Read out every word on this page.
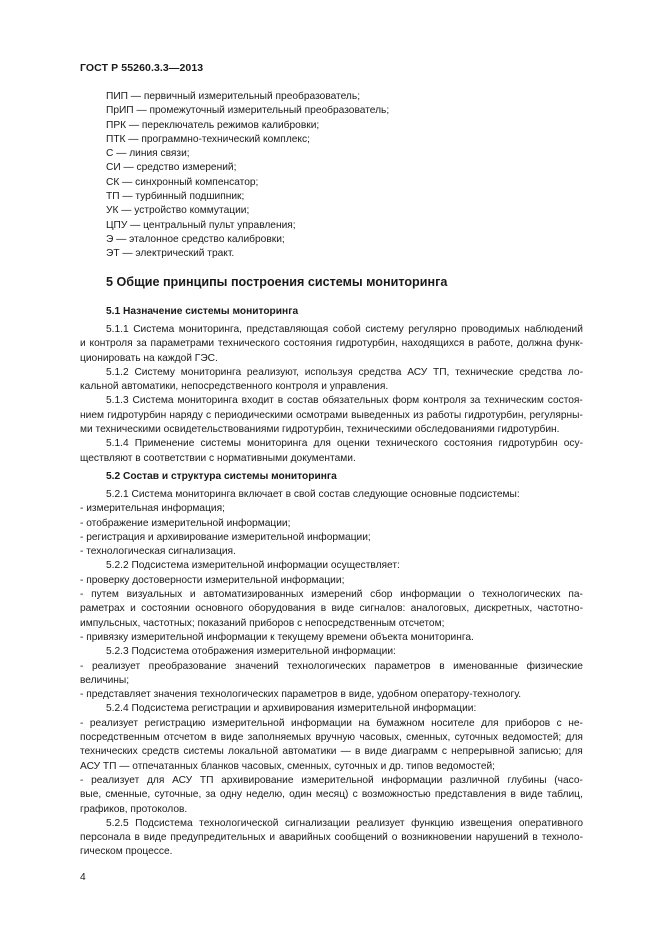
ГОСТ Р 55260.3.3—2013
ПИП — первичный измерительный преобразователь;
ПрИП — промежуточный измерительный преобразователь;
ПРК — переключатель режимов калибровки;
ПТК — программно-технический комплекс;
С — линия связи;
СИ — средство измерений;
СК — синхронный компенсатор;
ТП — турбинный подшипник;
УК — устройство коммутации;
ЦПУ — центральный пульт управления;
Э — эталонное средство калибровки;
ЭТ — электрический тракт.
5 Общие принципы построения системы мониторинга
5.1 Назначение системы мониторинга
5.1.1 Система мониторинга, представляющая собой систему регулярно проводимых наблюдений
и контроля за параметрами технического состояния гидротурбин, находящихся в работе, должна функ-
ционировать на каждой ГЭС.
5.1.2 Систему мониторинга реализуют, используя средства АСУ ТП, технические средства ло-
кальной автоматики, непосредственного контроля и управления.
5.1.3 Система мониторинга входит в состав обязательных форм контроля за техническим состоя-
нием гидротурбин наряду с периодическими осмотрами выведенных из работы гидротурбин, регулярны-
ми техническими освидетельствованиями гидротурбин, техническими обследованиями гидротурбин.
5.1.4 Применение системы мониторинга для оценки технического состояния гидротурбин осу-
ществляют в соответствии с нормативными документами.
5.2 Состав и структура системы мониторинга
5.2.1 Система мониторинга включает в свой состав следующие основные подсистемы:
- измерительная информация;
- отображение измерительной информации;
- регистрация и архивирование измерительной информации;
- технологическая сигнализация.
5.2.2 Подсистема измерительной информации осуществляет:
- проверку достоверности измерительной информации;
- путем визуальных и автоматизированных измерений сбор информации о технологических па-
раметрах и состоянии основного оборудования в виде сигналов: аналоговых, дискретных, частотно-
импульсных, частотных; показаний приборов с непосредственным отсчетом;
- привязку измерительной информации к текущему времени объекта мониторинга.
5.2.3 Подсистема отображения измерительной информации:
- реализует преобразование значений технологических параметров в именованные физические
величины;
- представляет значения технологических параметров в виде, удобном оператору-технологу.
5.2.4 Подсистема регистрации и архивирования измерительной информации:
- реализует регистрацию измерительной информации на бумажном носителе для приборов с не-
посредственным отсчетом в виде заполняемых вручную часовых, сменных, суточных ведомостей; для
технических средств системы локальной автоматики — в виде диаграмм с непрерывной записью; для
АСУ ТП — отпечатанных бланков часовых, сменных, суточных и др. типов ведомостей;
- реализует для АСУ ТП архивирование измерительной информации различной глубины (часо-
вые, сменные, суточные, за одну неделю, один месяц) с возможностью представления в виде таблиц,
графиков, протоколов.
5.2.5 Подсистема технологической сигнализации реализует функцию извещения оперативного
персонала в виде предупредительных и аварийных сообщений о возникновении нарушений в техноло-
гическом процессе.
4
